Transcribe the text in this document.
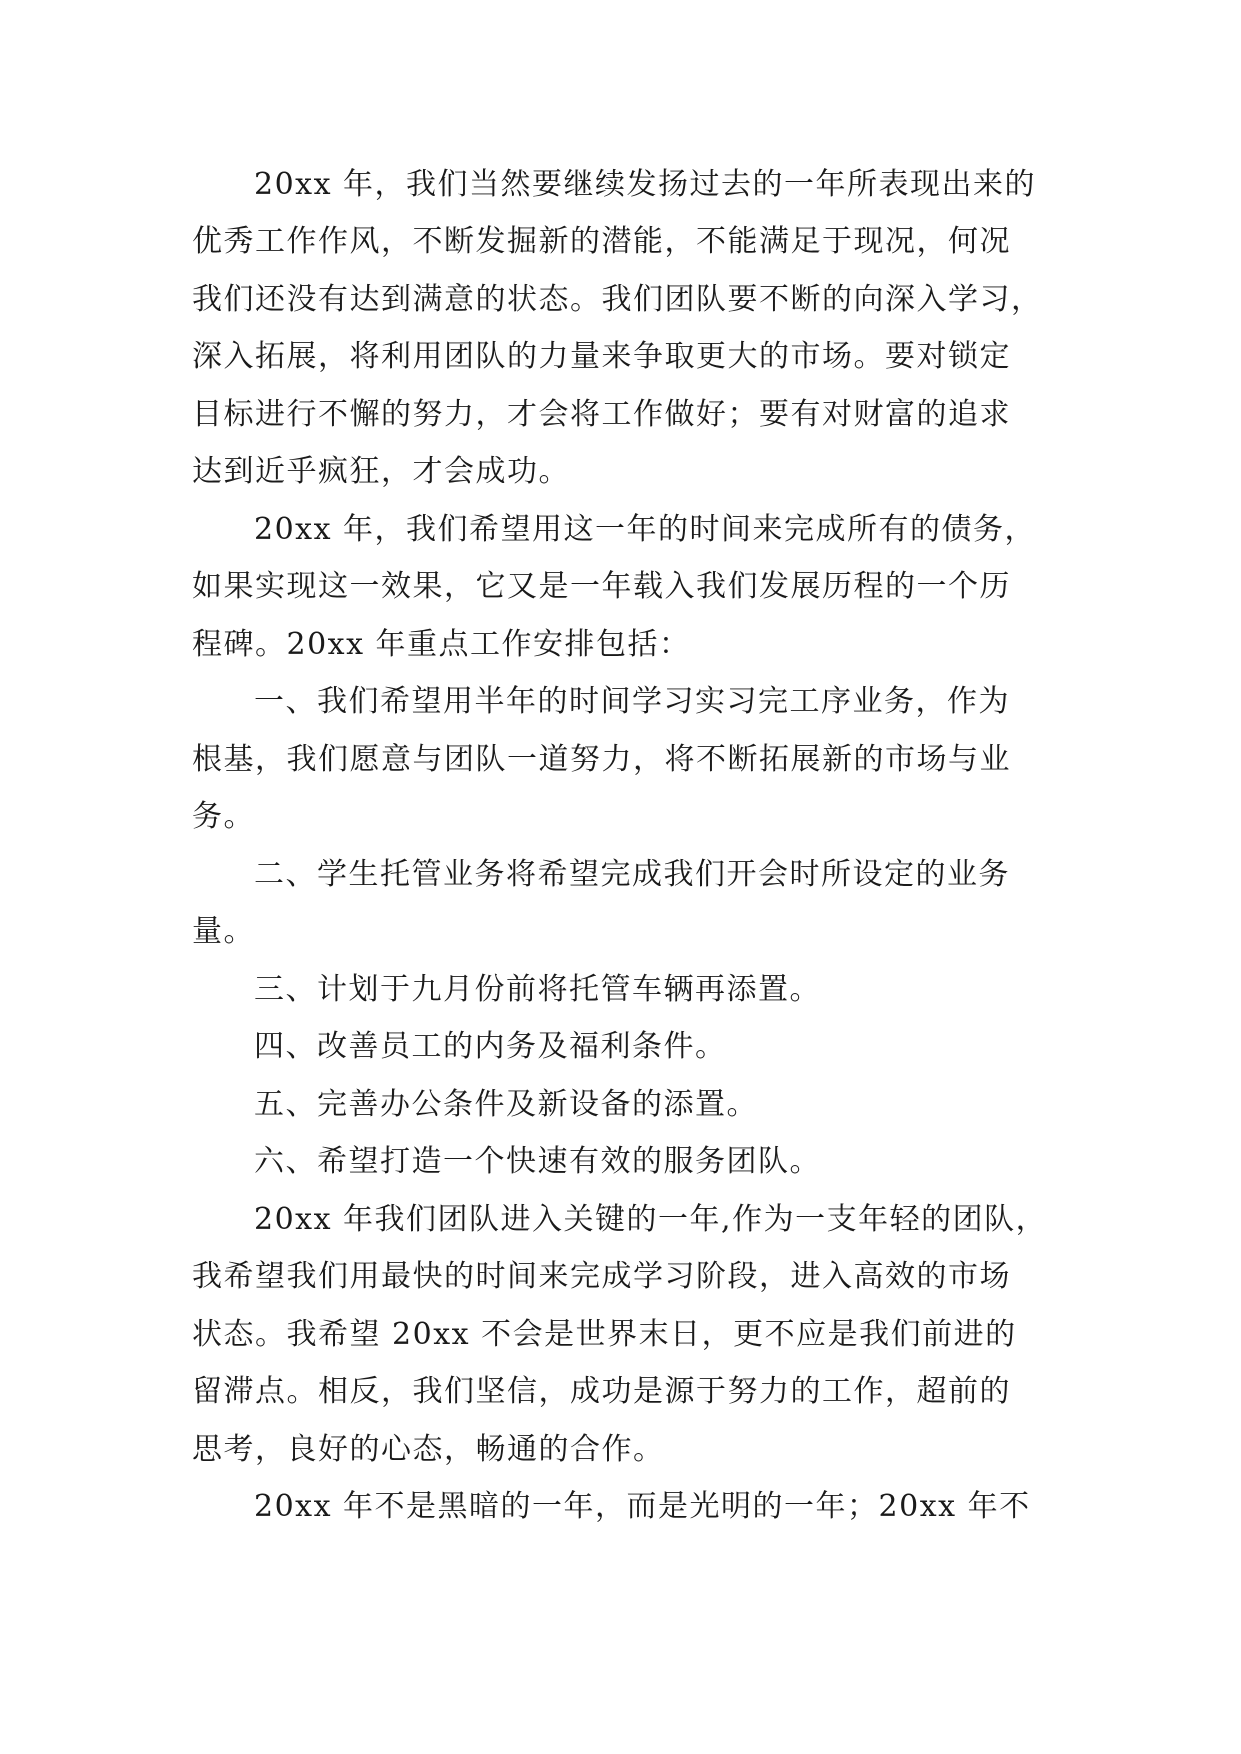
20xx 年，我们当然要继续发扬过去的一年所表现出来的

优秀工作作风，不断发掘新的潜能，不能满足于现况，何况

我们还没有达到满意的状态。我们团队要不断的向深入学习，

深入拓展，将利用团队的力量来争取更大的市场。要对锁定

目标进行不懈的努力，才会将工作做好；要有对财富的追求

达到近乎疯狂，才会成功。

20xx 年，我们希望用这一年的时间来完成所有的债务，

如果实现这一效果，它又是一年载入我们发展历程的一个历

程碑。20xx 年重点工作安排包括：

一、我们希望用半年的时间学习实习完工序业务，作为

根基，我们愿意与团队一道努力，将不断拓展新的市场与业

务。

二、学生托管业务将希望完成我们开会时所设定的业务

量。

三、计划于九月份前将托管车辆再添置。

四、改善员工的内务及福利条件。

五、完善办公条件及新设备的添置。

六、希望打造一个快速有效的服务团队。

20xx 年我们团队进入关键的一年,作为一支年轻的团队，

我希望我们用最快的时间来完成学习阶段，进入高效的市场

状态。我希望 20xx 不会是世界末日，更不应是我们前进的

留滞点。相反，我们坚信，成功是源于努力的工作，超前的

思考，良好的心态，畅通的合作。

20xx 年不是黑暗的一年，而是光明的一年；20xx 年不
